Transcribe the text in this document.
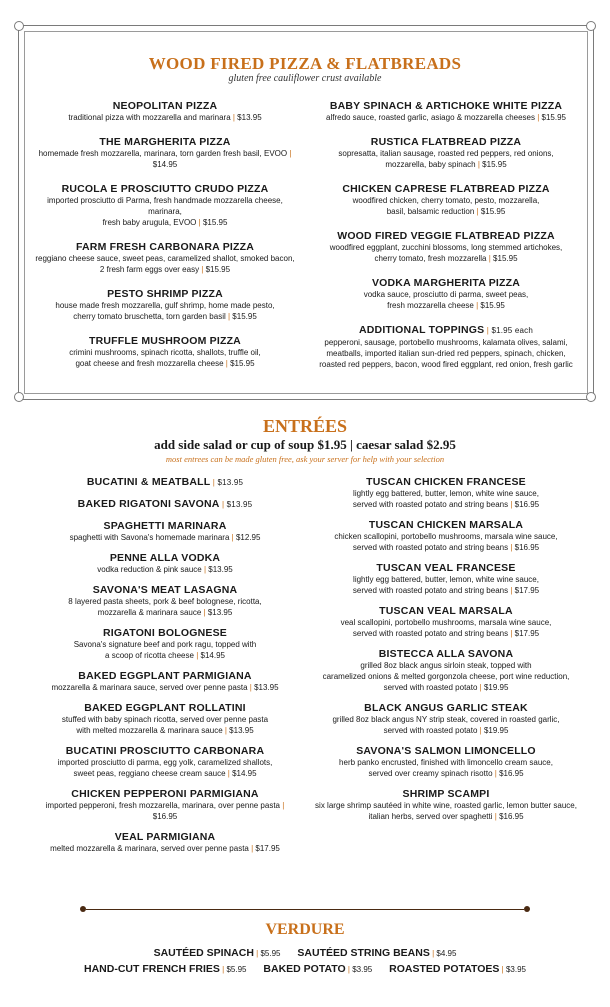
WOOD FIRED PIZZA & FLATBREADS
gluten free cauliflower crust available
NEOPOLITAN PIZZA
traditional pizza with mozzarella and marinara | $13.95
THE MARGHERITA PIZZA
homemade fresh mozzarella, marinara, torn garden fresh basil, EVOO | $14.95
RUCOLA E PROSCIUTTO CRUDO PIZZA
imported prosciutto di Parma, fresh handmade mozzarella cheese, marinara,
fresh baby arugula, EVOO | $15.95
FARM FRESH CARBONARA PIZZA
reggiano cheese sauce, sweet peas, caramelized shallot, smoked bacon,
2 fresh farm eggs over easy | $15.95
PESTO SHRIMP PIZZA
house made fresh mozzarella, gulf shrimp, home made pesto,
cherry tomato bruschetta, torn garden basil | $15.95
TRUFFLE MUSHROOM PIZZA
crimini mushrooms, spinach ricotta, shallots, truffle oil,
goat cheese and fresh mozzarella cheese | $15.95
BABY SPINACH & ARTICHOKE WHITE PIZZA
alfredo sauce, roasted garlic, asiago & mozzarella cheeses | $15.95
RUSTICA FLATBREAD PIZZA
sopresatta, italian sausage, roasted red peppers, red onions,
mozzarella, baby spinach | $15.95
CHICKEN CAPRESE FLATBREAD PIZZA
woodfired chicken, cherry tomato, pesto, mozzarella,
basil, balsamic reduction | $15.95
WOOD FIRED VEGGIE FLATBREAD PIZZA
woodfired eggplant, zucchini blossoms, long stemmed artichokes,
cherry tomato, fresh mozzarella | $15.95
VODKA MARGHERITA PIZZA
vodka sauce, prosciutto di parma, sweet peas,
fresh mozzarella cheese | $15.95
ADDITIONAL TOPPINGS | $1.95 each
pepperoni, sausage, portobello mushrooms, kalamata olives, salami,
meatballs, imported italian sun-dried red peppers, spinach, chicken,
roasted red peppers, bacon, wood fired eggplant, red onion, fresh garlic
ENTRÉES
add side salad or cup of soup $1.95 | caesar salad $2.95
most entrees can be made gluten free, ask your server for help with your selection
BUCATINI & MEATBALL | $13.95
BAKED RIGATONI SAVONA | $13.95
SPAGHETTI MARINARA
spaghetti with Savona's homemade marinara | $12.95
PENNE ALLA VODKA
vodka reduction & pink sauce | $13.95
SAVONA'S MEAT LASAGNA
8 layered pasta sheets, pork & beef bolognese, ricotta,
mozzarella & marinara sauce | $13.95
RIGATONI BOLOGNESE
Savona's signature beef and pork ragu, topped with
a scoop of ricotta cheese | $14.95
BAKED EGGPLANT PARMIGIANA
mozzarella & marinara sauce, served over penne pasta | $13.95
BAKED EGGPLANT ROLLATINI
stuffed with baby spinach ricotta, served over penne pasta
with melted mozzarella & marinara sauce | $13.95
BUCATINI PROSCIUTTO CARBONARA
imported prosciutto di parma, egg yolk, caramelized shallots,
sweet peas, reggiano cheese cream sauce | $14.95
CHICKEN PEPPERONI PARMIGIANA
imported pepperoni, fresh mozzarella, marinara, over penne pasta | $16.95
VEAL PARMIGIANA
melted mozzarella & marinara, served over penne pasta | $17.95
TUSCAN CHICKEN FRANCESE
lightly egg battered, butter, lemon, white wine sauce,
served with roasted potato and string beans | $16.95
TUSCAN CHICKEN MARSALA
chicken scallopini, portobello mushrooms, marsala wine sauce,
served with roasted potato and string beans | $16.95
TUSCAN VEAL FRANCESE
lightly egg battered, butter, lemon, white wine sauce,
served with roasted potato and string beans | $17.95
TUSCAN VEAL MARSALA
veal scallopini, portobello mushrooms, marsala wine sauce,
served with roasted potato and string beans | $17.95
BISTECCA ALLA SAVONA
grilled 8oz black angus sirloin steak, topped with
caramelized onions & melted gorgonzola cheese, port wine reduction,
served with roasted potato | $19.95
BLACK ANGUS GARLIC STEAK
grilled 8oz black angus NY strip steak, covered in roasted garlic,
served with roasted potato | $19.95
SAVONA'S SALMON LIMONCELLO
herb panko encrusted, finished with limoncello cream sauce,
served over creamy spinach risotto | $16.95
SHRIMP SCAMPI
six large shrimp sautéed in white wine, roasted garlic, lemon butter sauce,
italian herbs, served over spaghetti | $16.95
VERDURE
SAUTÉED SPINACH | $5.95 SAUTÉED STRING BEANS | $4.95
HAND-CUT FRENCH FRIES | $5.95 BAKED POTATO | $3.95 ROASTED POTATOES | $3.95
